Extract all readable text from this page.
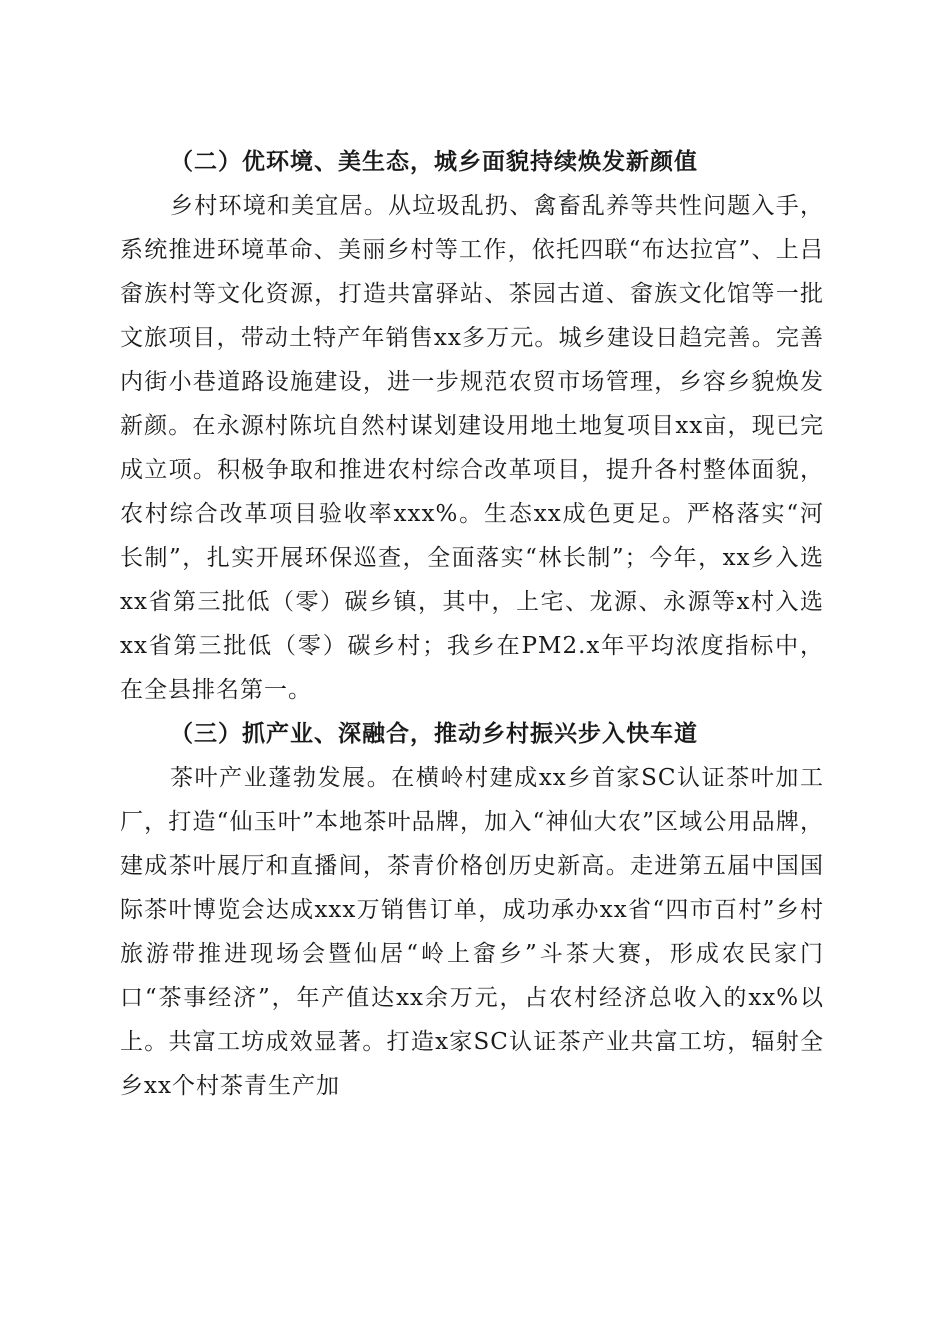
（二）优环境、美生态，城乡面貌持续焕发新颜值

乡村环境和美宜居。从垃圾乱扔、禽畜乱养等共性问题入手，系统推进环境革命、美丽乡村等工作，依托四联“布达拉宫”、上吕畲族村等文化资源，打造共富驿站、茶园古道、畲族文化馆等一批文旅项目，带动土特产年销售xx多万元。城乡建设日趋完善。完善内街小巷道路设施建设，进一步规范农贸市场管理，乡容乡貌焕发新颜。在永源村陈坑自然村谋划建设用地土地复项目xx亩，现已完成立项。积极争取和推进农村综合改革项目，提升各村整体面貌，农村综合改革项目验收率xxx%。生态xx成色更足。严格落实“河长制”，扎实开展环保巡查，全面落实“林长制”；今年，xx乡入选xx省第三批低（零）碳乡镇，其中，上宅、龙源、永源等x村入选xx省第三批低（零）碳乡村；我乡在PM2.x年平均浓度指标中，在全县排名第一。

（三）抓产业、深融合，推动乡村振兴步入快车道

茶叶产业蓬勃发展。在横岭村建成xx乡首家SC认证茶叶加工厂，打造“仙玉叶”本地茶叶品牌，加入“神仙大农”区域公用品牌，建成茶叶展厅和直播间，茶青价格创历史新高。走进第五届中国国际茶叶博览会达成xxx万销售订单，成功承办xx省“四市百村”乡村旅游带推进现场会暨仙居“岭上畲乡”斗茶大赛，形成农民家门口“茶事经济”，年产值达xx余万元，占农村经济总收入的xx%以上。共富工坊成效显著。打造x家SC认证茶产业共富工坊，辐射全乡xx个村茶青生产加
